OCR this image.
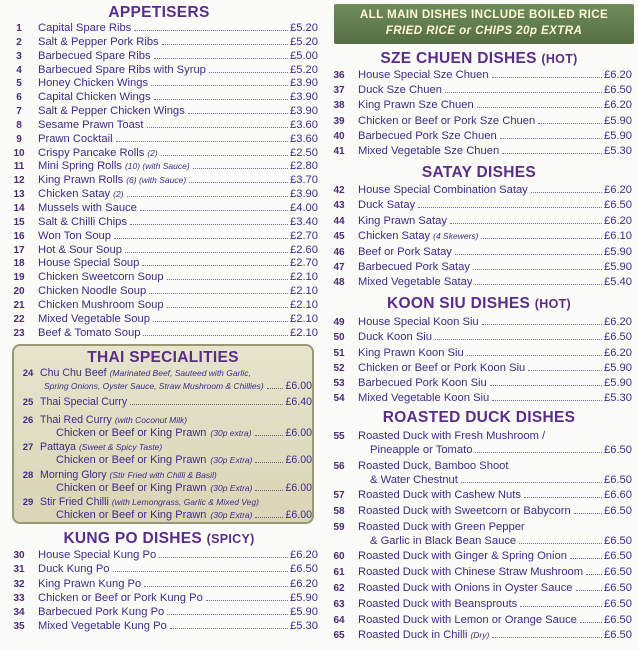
APPETISERS
1	Capital Spare Ribs	£5.20
2	Salt & Pepper Pork Ribs	£5.20
3	Barbecued Spare Ribs	£5.00
4	Barbecued Spare Ribs with Syrup	£5.20
5	Honey Chicken Wings	£3.90
6	Capital Chicken Wings	£3.90
7	Salt & Pepper Chicken Wings	£3.90
8	Sesame Prawn Toast	£3.60
9	Prawn Cocktail	£3.60
10	Crispy Pancake Rolls (2)	£2.50
11	Mini Spring Rolls (10) (with Sauce)	£2.80
12	King Prawn Rolls (6) (with Sauce)	£3.70
13	Chicken Satay (2)	£3.90
14	Mussels with Sauce	£4.00
15	Salt & Chilli Chips	£3.40
16	Won Ton Soup	£2.70
17	Hot & Sour Soup	£2.60
18	House Special Soup	£2.70
19	Chicken Sweetcorn Soup	£2.10
20	Chicken Noodle Soup	£2.10
21	Chicken Mushroom Soup	£2.10
22	Mixed Vegetable Soup	£2.10
23	Beef & Tomato Soup	£2.10
THAI SPECIALITIES
24 Chu Chu Beef (Marinated Beef, Sauteed with Garlic,
Spring Onions, Oyster Sauce, Straw Mushroom & Chillies) £6.00
25 Thai Special Curry	£6.40
26 Thai Red Curry (with Coconut Milk)
Chicken or Beef or King Prawn (30p extra)	£6.00
27 Pattaya (Sweet & Spicy Taste)
Chicken or Beef or King Prawn (30p Extra)	£6.00
28 Morning Glory (Stir Fried with Chilli & Basil)
Chicken or Beef or King Prawn (30p Extra)	£6.00
29 Stir Fried Chilli (with Lemongrass, Garlic & Mixed Veg)
Chicken or Beef or King Prawn (30p Extra)	£6.00
KUNG PO DISHES (SPICY)
30	House Special Kung Po	£6.20
31	Duck Kung Po	£6.50
32	King Prawn Kung Po	£6.20
33	Chicken or Beef or Pork Kung Po	£5.90
34	Barbecued Pork Kung Po	£5.90
35	Mixed Vegetable Kung Po	£5.30
ALL MAIN DISHES INCLUDE BOILED RICE
FRIED RICE or CHIPS 20p EXTRA
SZE CHUEN DISHES (HOT)
36	House Special Sze Chuen	£6.20
37	Duck Sze Chuen	£6.50
38	King Prawn Sze Chuen	£6.20
39	Chicken or Beef or Pork Sze Chuen	£5.90
40	Barbecued Pork Sze Chuen	£5.90
41	Mixed Vegetable Sze Chuen	£5.30
SATAY DISHES
42	House Special Combination Satay	£6.20
43	Duck Satay	£6.50
44	King Prawn Satay	£6.20
45	Chicken Satay (4 Skewers)	£6.10
46	Beef or Pork Satay	£5.90
47	Barbecued Pork Satay	£5.90
48	Mixed Vegetable Satay	£5.40
KOON SIU DISHES (HOT)
49	House Special Koon Siu	£6.20
50	Duck Koon Siu	£6.50
51	King Prawn Koon Siu	£6.20
52	Chicken or Beef or Pork Koon Siu	£5.90
53	Barbecued Pork Koon Siu	£5.90
54	Mixed Vegetable Koon Siu	£5.30
ROASTED DUCK DISHES
55	Roasted Duck with Fresh Mushroom /
Pineapple or Tomato	£6.50
56	Roasted Duck, Bamboo Shoot
& Water Chestnut	£6.50
57	Roasted Duck with Cashew Nuts	£6.60
58	Roasted Duck with Sweetcorn or Babycorn	£6.50
59	Roasted Duck with Green Pepper
& Garlic in Black Bean Sauce	£6.50
60	Roasted Duck with Ginger & Spring Onion	£6.50
61	Roasted Duck with Chinese Straw Mushroom £6.50
62	Roasted Duck with Onions in Oyster Sauce	£6.50
63	Roasted Duck with Beansprouts	£6.50
64	Roasted Duck with Lemon or Orange Sauce £6.50
65	Roasted Duck in Chilli (Dry)	£6.50
